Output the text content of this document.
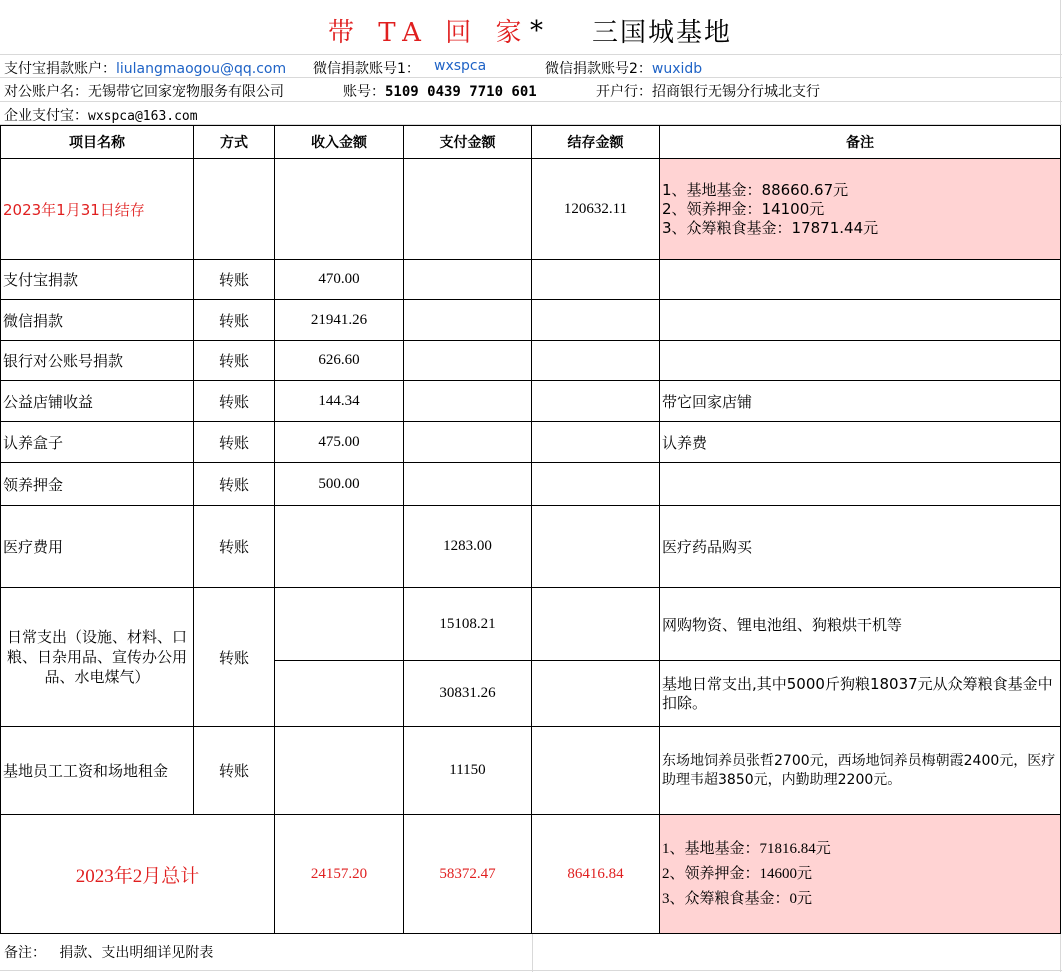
带 TA 回 家 * 三国城基地
支付宝捐款账户：liulangmaogou@qq.com 微信捐款账号1： wxspca	微信捐款账号2：wuxidb
对公账户名：无锡带它回家宠物服务有限公司	账号：5109 0439 7710 601	开户行：招商银行无锡分行城北支行
企业支付宝：wxspca@163.com
项目名称	方式	收入金额	支付金额	结存金额	备注
2023年1月31日结存				120632.11	1、基地基金：88660.67元
2、领养押金：14100元
3、众筹粮食基金：17871.44元

支付宝捐款	转账	470.00			
微信捐款	转账	21941.26			
银行对公账号捐款	转账	626.60			
公益店铺收益	转账	144.34			带它回家店铺
认养盒子	转账	475.00			认养费
领养押金	转账	500.00			
医疗费用	转账		1283.00		医疗药品购买
日常支出（设施、材料、口粮、日杂用品、宣传办公用品、水电煤气）	转账		15108.21		网购物资、锂电池组、狗粮烘干机等
			30831.26		基地日常支出,其中5000斤狗粮18037元从众筹粮食基金中扣除。
基地员工工资和场地租金	转账		11150		东场地饲养员张哲2700元，西场地饲养员梅朝霞2400元，医疗助理韦超3850元，内勤助理2200元。
2023年2月总计		24157.20	58372.47	86416.84	1、基地基金：71816.84元
2、领养押金：14600元
3、众筹粮食基金：0元
备注： 捐款、支出明细详见附表
